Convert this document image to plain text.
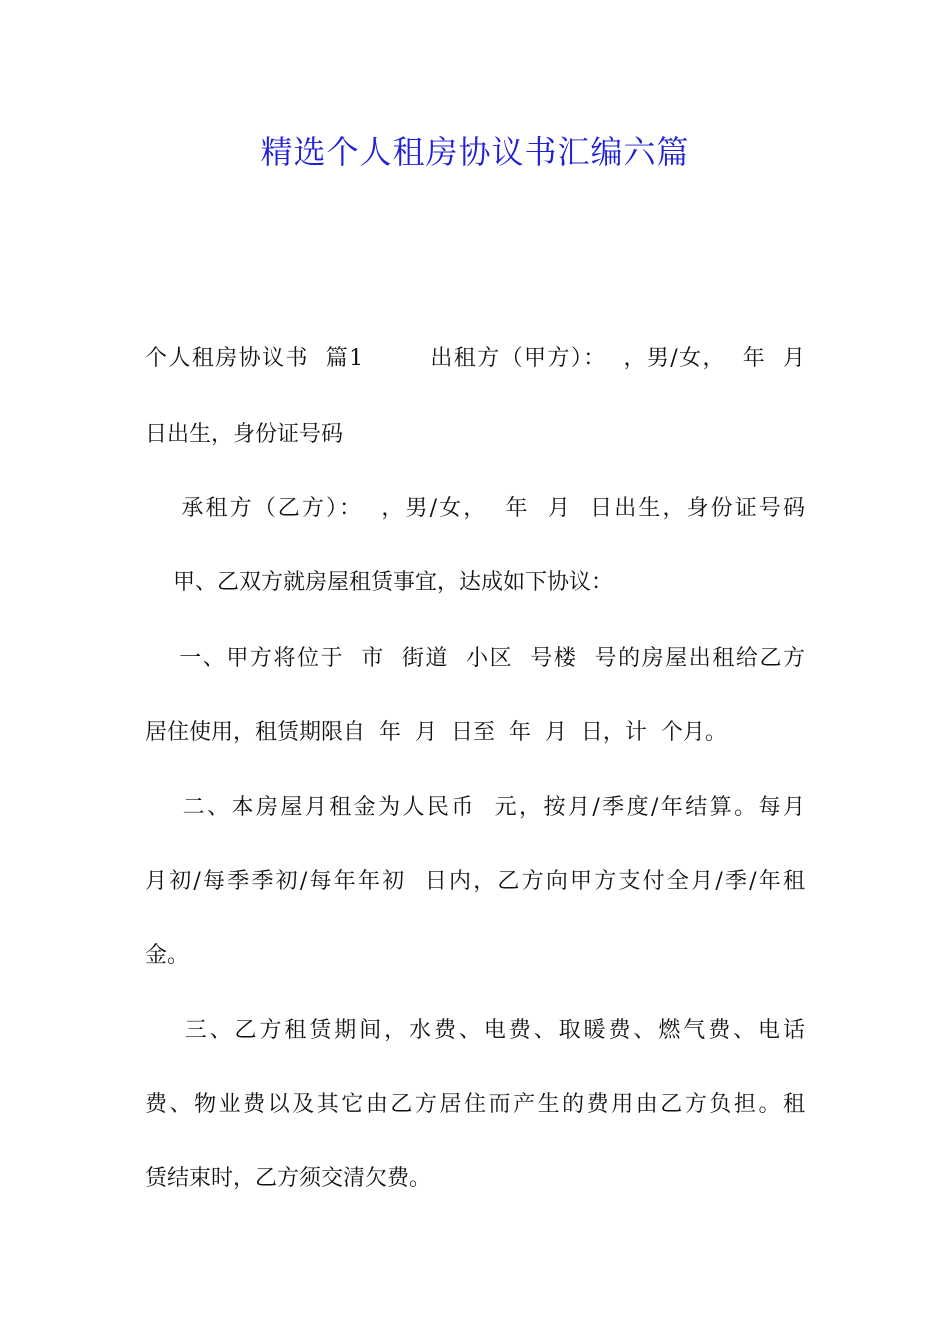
精选个人租房协议书汇编六篇
个人租房协议书  篇1        出租方（甲方）：  ，男/女，  年  月
日出生，身份证号码
承租方（乙方）：  ，男/女，  年  月  日出生，身份证号码
甲、乙双方就房屋租赁事宜，达成如下协议：
一、甲方将位于  市  街道  小区  号楼  号的房屋出租给乙方
居住使用，租赁期限自  年  月  日至  年  月  日，计  个月。
二、本房屋月租金为人民币  元，按月/季度/年结算。每月
月初/每季季初/每年年初  日内，乙方向甲方支付全月/季/年租
金。
三、乙方租赁期间，水费、电费、取暖费、燃气费、电话
费、物业费以及其它由乙方居住而产生的费用由乙方负担。租
赁结束时，乙方须交清欠费。
